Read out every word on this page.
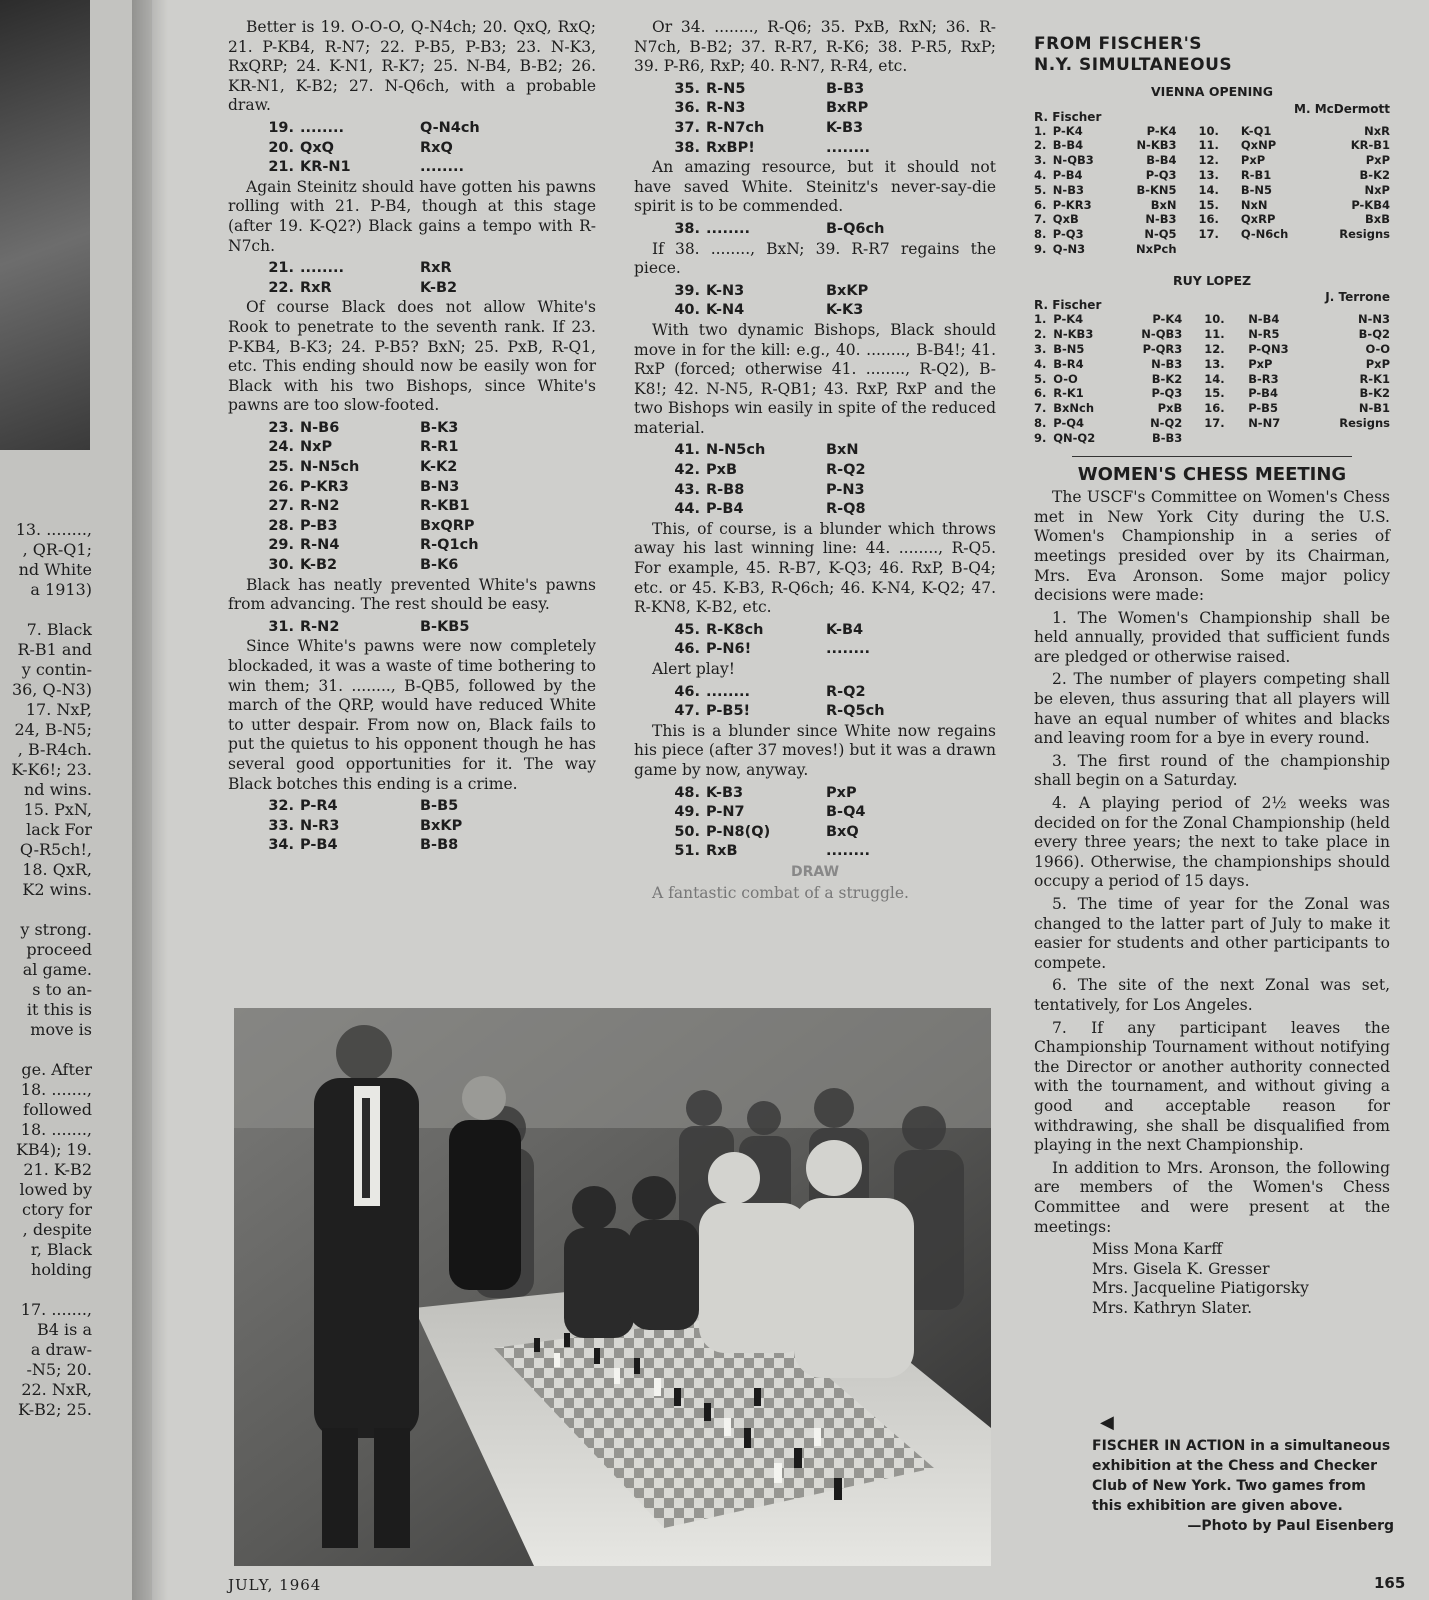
13. ........,
, QR-Q1;
nd White
a 1913)

7. Black
R-B1 and
y contin-
36, Q-N3)
17. NxP,
24, B-N5;
, B-R4ch.
K-K6!; 23.
nd wins.
15. PxN,
lack For
Q-R5ch!,
18. QxR,
K2 wins.

y strong.
proceed
al game.
s to an-
it this is
move is

ge. After
18. .......,
followed
18. .......,
KB4); 19.
21. K-B2
lowed by
ctory for
, despite
r, Black
holding

17. .......,
B4 is a
a draw-
-N5; 20.
22. NxR,
K-B2; 25.

Better is 19. O-O-O, Q-N4ch; 20. QxQ, RxQ; 21. P-KB4, R-N7; 22. P-B5, P-B3; 23. N-K3, RxQRP; 24. K-N1, R-K7; 25. N-B4, B-B2; 26. KR-N1, K-B2; 27. N-Q6ch, with a probable draw.

19. ........	Q-N4ch
20. QxQ	RxQ
21. KR-N1	........

Again Steinitz should have gotten his pawns rolling with 21. P-B4, though at this stage (after 19. K-Q2?) Black gains a tempo with R-N7ch.

21. ........	RxR
22. RxR	K-B2

Of course Black does not allow White's Rook to penetrate to the seventh rank. If 23. P-KB4, B-K3; 24. P-B5? BxN; 25. PxB, R-Q1, etc. This ending should now be easily won for Black with his two Bishops, since White's pawns are too slow-footed.

23. N-B6	B-K3
24. NxP	R-R1
25. N-N5ch	K-K2
26. P-KR3	B-N3
27. R-N2	R-KB1
28. P-B3	BxQRP
29. R-N4	R-Q1ch
30. K-B2	B-K6

Black has neatly prevented White's pawns from advancing. The rest should be easy.

31. R-N2	B-KB5

Since White's pawns were now completely blockaded, it was a waste of time bothering to win them; 31. ........, B-QB5, followed by the march of the QRP, would have reduced White to utter despair. From now on, Black fails to put the quietus to his opponent though he has several good opportunities for it. The way Black botches this ending is a crime.

32. P-R4	B-B5
33. N-R3	BxKP
34. P-B4	B-B8

Or 34. ........, R-Q6; 35. PxB, RxN; 36. R-N7ch, B-B2; 37. R-R7, R-K6; 38. P-R5, RxP; 39. P-R6, RxP; 40. R-N7, R-R4, etc.

35. R-N5	B-B3
36. R-N3	BxRP
37. R-N7ch	K-B3
38. RxBP!	........

An amazing resource, but it should not have saved White. Steinitz's never-say-die spirit is to be commended.

38. ........	B-Q6ch

If 38. ........, BxN; 39. R-R7 regains the piece.

39. K-N3	BxKP
40. K-N4	K-K3

With two dynamic Bishops, Black should move in for the kill: e.g., 40. ........, B-B4!; 41. RxP (forced; otherwise 41. ........, R-Q2), B-K8!; 42. N-N5, R-QB1; 43. RxP, RxP and the two Bishops win easily in spite of the reduced material.

41. N-N5ch	BxN
42. PxB	R-Q2
43. R-B8	P-N3
44. P-B4	R-Q8

This, of course, is a blunder which throws away his last winning line: 44. ........, R-Q5. For example, 45. R-B7, K-Q3; 46. RxP, B-Q4; etc. or 45. K-B3, R-Q6ch; 46. K-N4, K-Q2; 47. R-KN8, K-B2, etc.

45. R-K8ch	K-B4
46. P-N6!	........

Alert play!

46. ........	R-Q2
47. P-B5!	R-Q5ch

This is a blunder since White now regains his piece (after 37 moves!) but it was a drawn game by now, anyway.

48. K-B3	PxP
49. P-N7	B-Q4
50. P-N8(Q)	BxQ
51. RxB	........
DRAW

A fantastic combat of a struggle.

FROM FISCHER'S
N.Y. SIMULTANEOUS
VIENNA OPENING
R. Fischer
M. McDermott
1.	P-K4	P-K4	10.	K-Q1	NxR
2.	B-B4	N-KB3	11.	QxNP	KR-B1
3.	N-QB3	B-B4	12.	PxP	PxP
4.	P-B4	P-Q3	13.	R-B1	B-K2
5.	N-B3	B-KN5	14.	B-N5	NxP
6.	P-KR3	BxN	15.	NxN	P-KB4
7.	QxB	N-B3	16.	QxRP	BxB
8.	P-Q3	N-Q5	17.	Q-N6ch	Resigns
9.	Q-N3	NxPch			
RUY LOPEZ
R. Fischer
J. Terrone
1.	P-K4	P-K4	10.	N-B4	N-N3
2.	N-KB3	N-QB3	11.	N-R5	B-Q2
3.	B-N5	P-QR3	12.	P-QN3	O-O
4.	B-R4	N-B3	13.	PxP	PxP
5.	O-O	B-K2	14.	B-R3	R-K1
6.	R-K1	P-Q3	15.	P-B4	B-K2
7.	BxNch	PxB	16.	P-B5	N-B1
8.	P-Q4	N-Q2	17.	N-N7	Resigns
9.	QN-Q2	B-B3			
WOMEN'S CHESS MEETING

The USCF's Committee on Women's Chess met in New York City during the U.S. Women's Championship in a series of meetings presided over by its Chairman, Mrs. Eva Aronson. Some major policy decisions were made:

1. The Women's Championship shall be held annually, provided that sufficient funds are pledged or otherwise raised.

2. The number of players competing shall be eleven, thus assuring that all players will have an equal number of whites and blacks and leaving room for a bye in every round.

3. The first round of the championship shall begin on a Saturday.

4. A playing period of 2½ weeks was decided on for the Zonal Championship (held every three years; the next to take place in 1966). Otherwise, the championships should occupy a period of 15 days.

5. The time of year for the Zonal was changed to the latter part of July to make it easier for students and other participants to compete.

6. The site of the next Zonal was set, tentatively, for Los Angeles.

7. If any participant leaves the Championship Tournament without notifying the Director or another authority connected with the tournament, and without giving a good and acceptable reason for withdrawing, she shall be disqualified from playing in the next Championship.

In addition to Mrs. Aronson, the following are members of the Women's Chess Committee and were present at the meetings:

Miss Mona Karff
Mrs. Gisela K. Gresser
Mrs. Jacqueline Piatigorsky
Mrs. Kathryn Slater.
◀
FISCHER IN ACTION in a simultaneous exhibition at the Chess and Checker Club of New York. Two games from this exhibition are given above.
—Photo by Paul Eisenberg
JULY, 1964	165
